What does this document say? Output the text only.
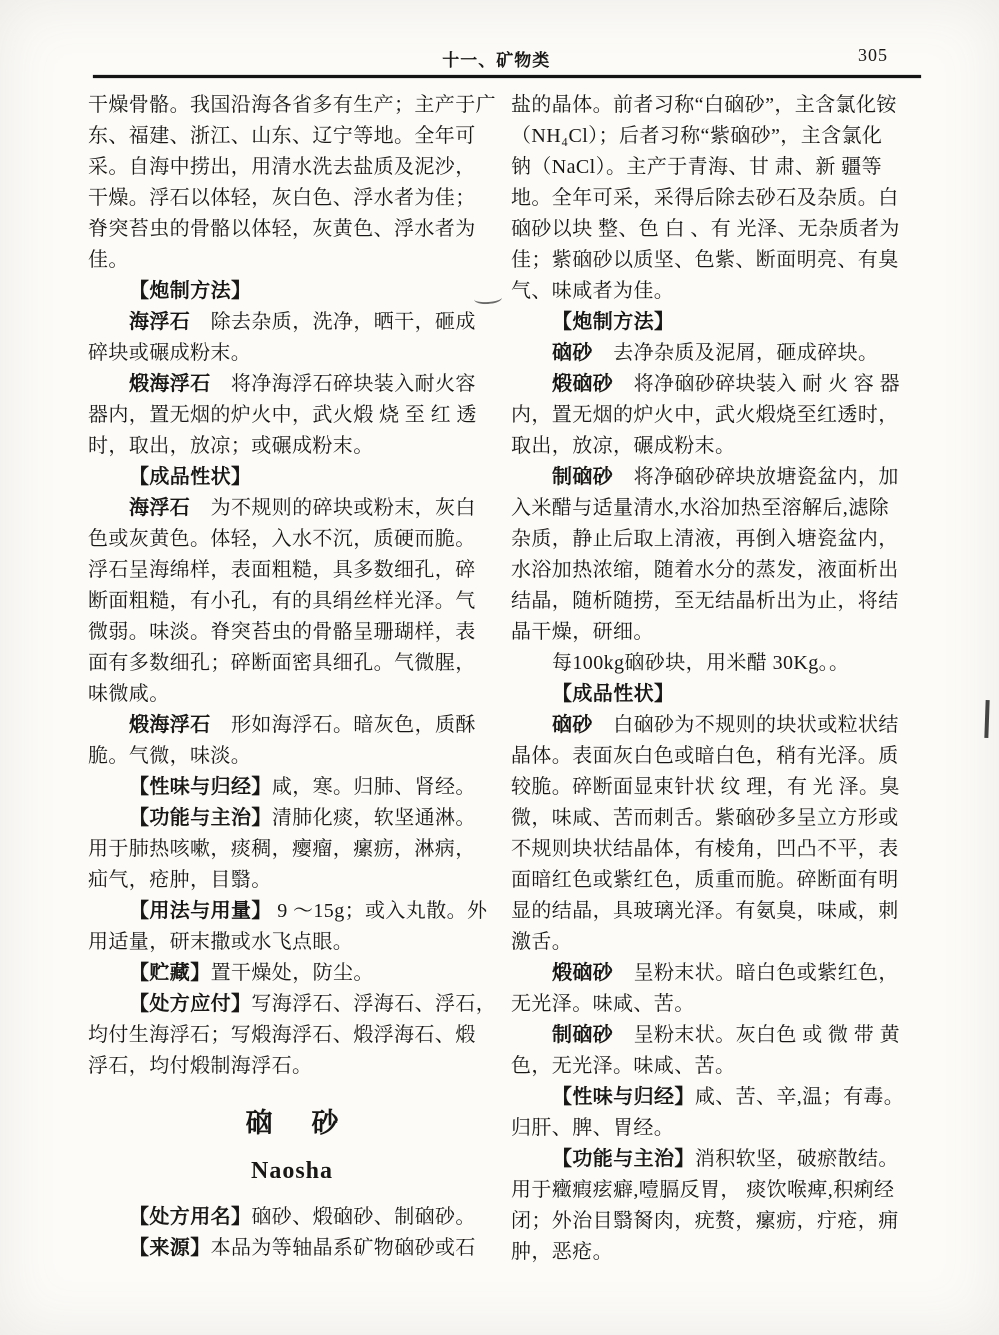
十一、矿物类	305

干燥骨骼。我国沿海各省多有生产；主产于广

东、福建、浙江、山东、辽宁等地。全年可

采。自海中捞出，用清水洗去盐质及泥沙，

干燥。浮石以体轻，灰白色、浮水者为佳；

脊突苔虫的骨骼以体轻，灰黄色、浮水者为

佳。

【炮制方法】

海浮石　除去杂质，洗净，晒干，砸成

碎块或碾成粉末。

煅海浮石　将净海浮石碎块装入耐火容

器内，置无烟的炉火中，武火煅 烧 至 红 透

时，取出，放凉；或碾成粉末。

【成品性状】

海浮石　为不规则的碎块或粉末，灰白

色或灰黄色。体轻，入水不沉，质硬而脆。

浮石呈海绵样，表面粗糙，具多数细孔，碎

断面粗糙，有小孔，有的具绢丝样光泽。气

微弱。味淡。脊突苔虫的骨骼呈珊瑚样，表

面有多数细孔；碎断面密具细孔。气微腥，

味微咸。

煅海浮石　形如海浮石。暗灰色，质酥

脆。气微，味淡。

【性味与归经】咸，寒。归肺、肾经。

【功能与主治】清肺化痰，软坚通淋。

用于肺热咳嗽，痰稠，瘿瘤，瘰疬，淋病，

疝气，疮肿，目翳。

【用法与用量】 9 ～15g；或入丸散。外

用适量，研末撒或水飞点眼。

【贮藏】置干燥处，防尘。

【处方应付】写海浮石、浮海石、浮石，

均付生海浮石；写煅海浮石、煅浮海石、煅

浮石，均付煅制海浮石。

硇　砂

Naosha

【处方用名】硇砂、煅硇砂、制硇砂。

【来源】本品为等轴晶系矿物硇砂或石

盐的晶体。前者习称“白硇砂”，主含氯化铵

（NH₄Cl）；后者习称“紫硇砂”，主含氯化

钠（NaCl）。主产于青海、甘 肃、新 疆等

地。全年可采，采得后除去砂石及杂质。白

硇砂以块 整、色 白 、有 光泽、无杂质者为

佳；紫硇砂以质坚、色紫、断面明亮、有臭

气、味咸者为佳。

【炮制方法】

硇砂　去净杂质及泥屑，砸成碎块。

煅硇砂　将净硇砂碎块装入 耐 火 容 器

内，置无烟的炉火中，武火煅烧至红透时，

取出，放凉，碾成粉末。

制硇砂　将净硇砂碎块放塘瓷盆内，加

入米醋与适量清水,水浴加热至溶解后,滤除

杂质，静止后取上清液，再倒入塘瓷盆内，

水浴加热浓缩，随着水分的蒸发，液面析出

结晶，随析随捞，至无结晶析出为止，将结

晶干燥，研细。

每100kg硇砂块，用米醋 30Kg。。

【成品性状】

硇砂　白硇砂为不规则的块状或粒状结

晶体。表面灰白色或暗白色，稍有光泽。质

较脆。碎断面显束针状 纹 理，有 光 泽。臭

微，味咸、苦而刺舌。紫硇砂多呈立方形或

不规则块状结晶体，有棱角，凹凸不平，表

面暗红色或紫红色，质重而脆。碎断面有明

显的结晶，具玻璃光泽。有氨臭，味咸，刺

激舌。

煅硇砂　呈粉末状。暗白色或紫红色，

无光泽。味咸、苦。

制硇砂　呈粉末状。灰白色 或 微 带 黄

色，无光泽。味咸、苦。

【性味与归经】咸、苦、辛,温；有毒。

归肝、脾、胃经。

【功能与主治】消积软坚，破瘀散结。

用于癥瘕痃癖,噎膈反胃， 痰饮喉痺,积痢经

闭；外治目翳胬肉，疣赘，瘰疬，疔疮，痈

肿，恶疮。
